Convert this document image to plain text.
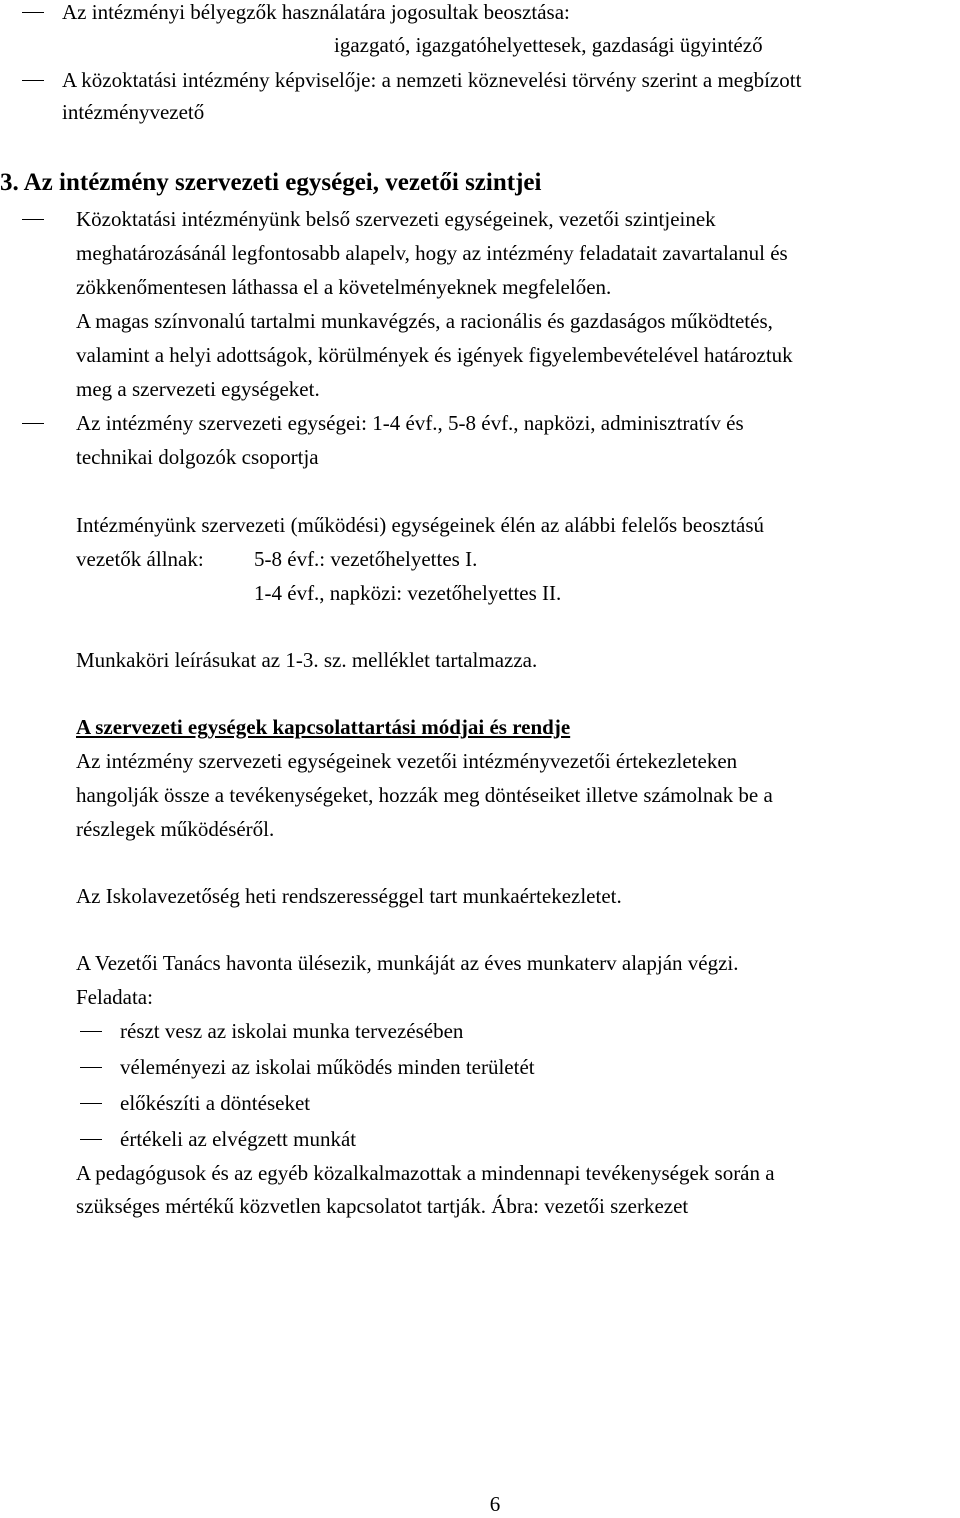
Az intézményi bélyegzők használatára jogosultak beosztása:
igazgató, igazgatóhelyettesek, gazdasági ügyintéző
A közoktatási intézmény képviselője: a nemzeti köznevelési törvény szerint a megbízott
intézményvezető
3. Az intézmény szervezeti egységei, vezetői szintjei
Közoktatási intézményünk belső szervezeti egységeinek, vezetői szintjeinek
meghatározásánál legfontosabb alapelv, hogy az intézmény feladatait zavartalanul és
zökkenőmentesen láthassa el a követelményeknek megfelelően.
A magas színvonalú tartalmi munkavégzés, a racionális és gazdaságos működtetés,
valamint a helyi adottságok, körülmények és igények figyelembevételével határoztuk
meg a szervezeti egységeket.
Az intézmény szervezeti egységei: 1-4 évf., 5-8 évf., napközi, adminisztratív és
technikai dolgozók csoportja
Intézményünk szervezeti (működési) egységeinek élén az alábbi felelős beosztású
vezetők állnak: 5-8 évf.: vezetőhelyettes I.
1-4 évf., napközi: vezetőhelyettes II.
Munkaköri leírásukat az 1-3. sz. melléklet tartalmazza.
A szervezeti egységek kapcsolattartási módjai és rendje
Az intézmény szervezeti egységeinek vezetői intézményvezetői értekezleteken
hangolják össze a tevékenységeket, hozzák meg döntéseiket illetve számolnak be a
részlegek működéséről.
Az Iskolavezetőség heti rendszerességgel tart munkaértekezletet.
A Vezetői Tanács havonta ülésezik, munkáját az éves munkaterv alapján végzi.
Feladata:
részt vesz az iskolai munka tervezésében
véleményezi az iskolai működés minden területét
előkészíti a döntéseket
értékeli az elvégzett munkát
A pedagógusok és az egyéb közalkalmazottak a mindennapi tevékenységek során a
szükséges mértékű közvetlen kapcsolatot tartják. Ábra: vezetői szerkezet
6
